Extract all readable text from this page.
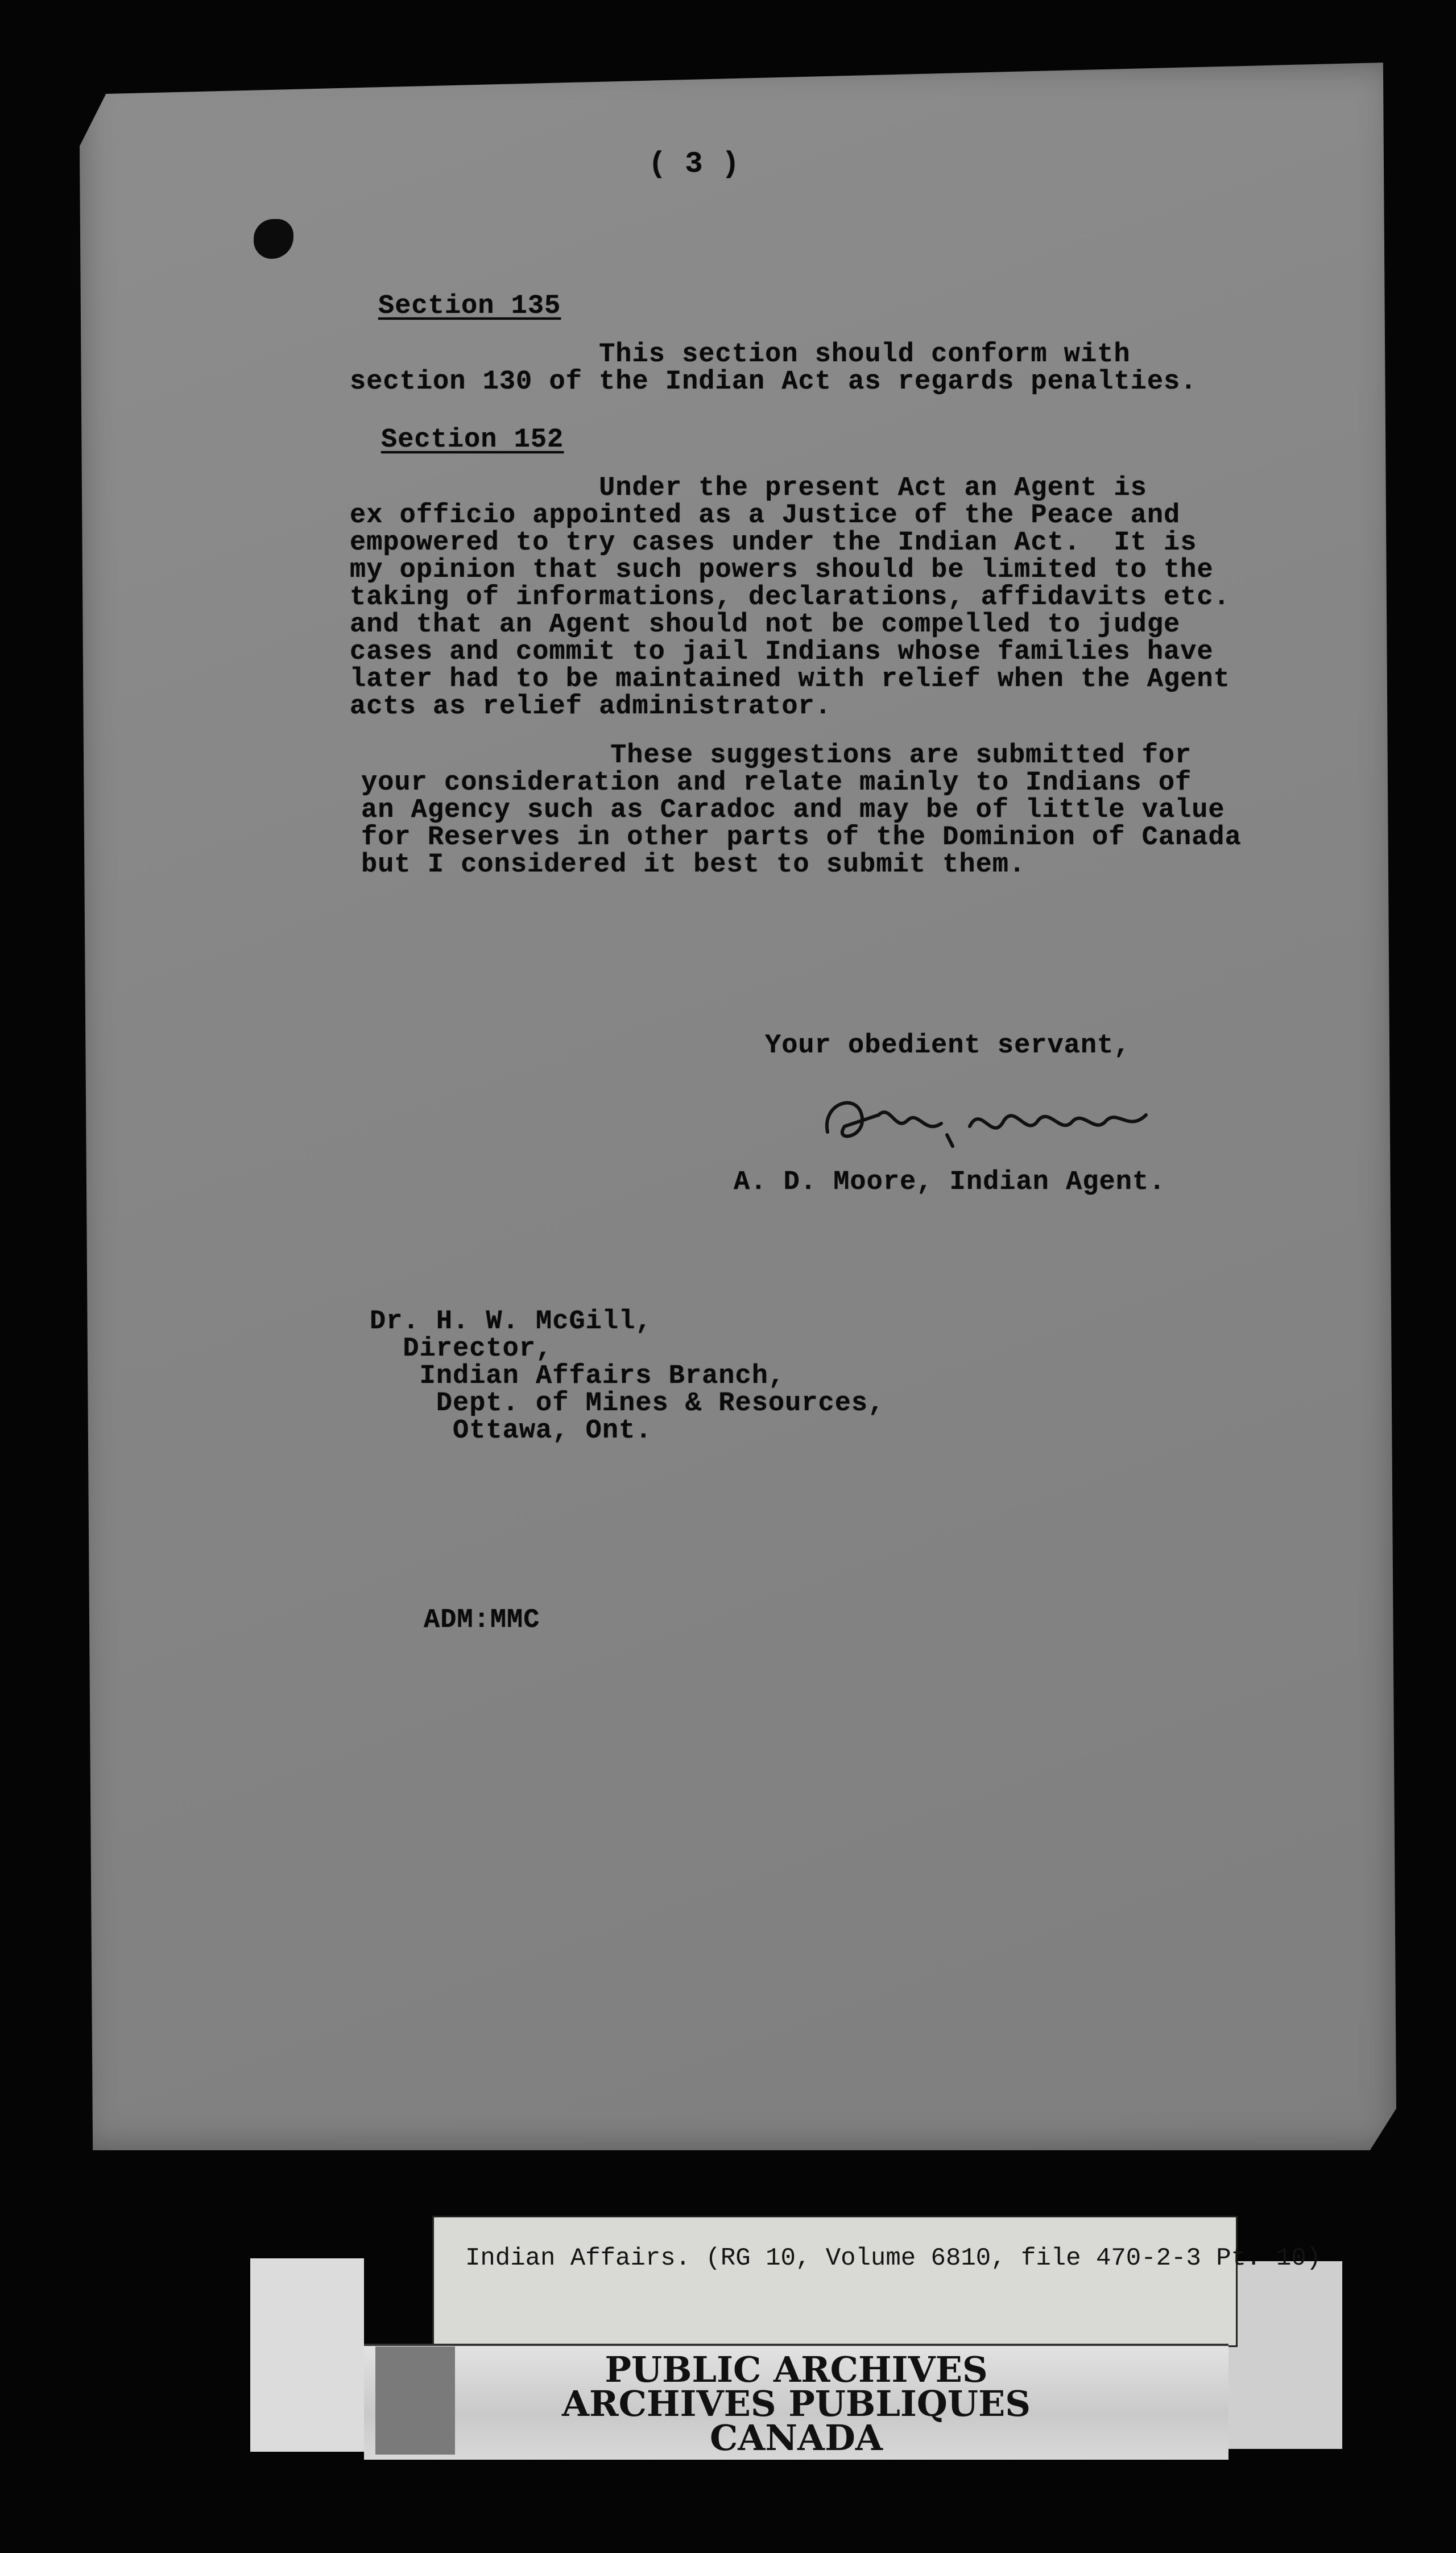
( 3 )
Section 135
This section should conform with
section 130 of the Indian Act as regards penalties.
Section 152
Under the present Act an Agent is
ex officio appointed as a Justice of the Peace and
empowered to try cases under the Indian Act.  It is
my opinion that such powers should be limited to the
taking of informations, declarations, affidavits etc.
and that an Agent should not be compelled to judge
cases and commit to jail Indians whose families have
later had to be maintained with relief when the Agent
acts as relief administrator.
These suggestions are submitted for
your consideration and relate mainly to Indians of
an Agency such as Caradoc and may be of little value
for Reserves in other parts of the Dominion of Canada
but I considered it best to submit them.
Your obedient servant,
A. D. Moore, Indian Agent.
Dr. H. W. McGill,
Director,
Indian Affairs Branch,
Dept. of Mines & Resources,
Ottawa, Ont.
ADM:MMC
Indian Affairs. (RG 10, Volume 6810, file 470-2-3 Pt. 10)
PUBLIC ARCHIVES
ARCHIVES PUBLIQUES
CANADA
